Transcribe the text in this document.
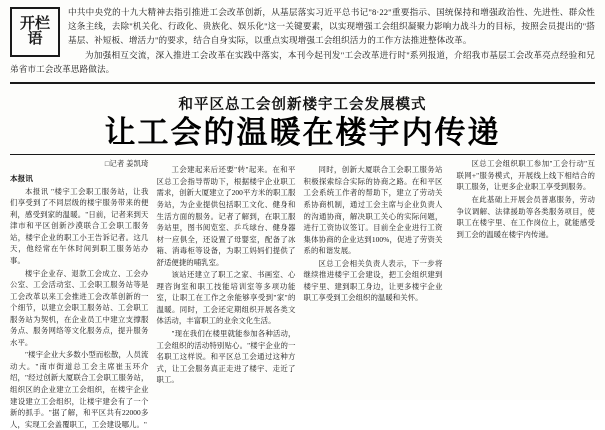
开栏
语

中共中央党的十九大精神去指引推进工会改革创新，从基层落实习近平总书记"8·22"重要指示、国统保持和增强政治性、先进性、群众性这条主线，去除"机关化、行政化、贵族化、娱乐化"这一关键要素，以实现增强工会组织凝聚力影响力战斗力的目标，按照会员提出的"搭基层、补短板、增活力"的要求，结合自身实际，以重点实现增强工会组织活力的工作方法推进整体改革。

为加强相互交流，深入推进工会改革在实践中落实，本刊今起刊发"工会改革进行时"系列报道，介绍我市基层工会改革亮点经验和兄弟省市工会改革思路做法。

和平区总工会创新楼宇工会发展模式
让工会的温暖在楼宇内传递
□记者 姜凯琦

本报讯

本报讯 "楼宇工会职工服务站，让我们享受到了不同层级的楼宇服务带来的便利，感受到家的温暖。"日前，记者来到天津市和平区创新沙漠联合工会职工服务站，楼宇企业的职工小王告诉记者。这几天，他经常在午休时间到职工服务站办事。

楼宇企业存、退款工会成立、工会办公室、工会活动室、工会职工服务站等是工会改革以来工会推进工会改革创新的一个细节，以建立会职工服务站、工会职工服务站为契机，在企业员工中建立支撑服务点、服务网络等文化服务点，提升服务水平。

"楼宇企业大多数小型而松散，人员流动大。"南市街道总工会主席崔玉环介绍，"经过创新大厦联合工会职工服务站，组织区的企业建立工会组织，在楼宇企业建设建立工会组织，让楼宇建会有了一个新的抓手。"据了解，和平区共有22000多人，实现工会盖覆职工，工会建设哪儿。"

工会建起来后还要"转"起来。在和平区总工会指导帮助下，根据楼宇企业职工需求，创新大厦建立了200平方米的职工服务站，为企业提供包括职工文化、健身和生活方面的服务。记者了解到，在职工服务站里，图书阅览室、乒乓球台、健身器材一应俱全，还设置了母婴室，配备了冰箱、消毒柜等设备，为职工妈妈们提供了舒适便捷的哺乳室。

该站还建立了职工之家、书画室、心理咨询室和职工技能培训室等多项功能室，让职工在工作之余能够享受到"家"的温暖。同时，工会还定期组织开展各类文体活动，丰富职工的业余文化生活。

"现在我们在楼里就能参加各种活动，工会组织的活动特别贴心。"楼宇企业的一名职工这样说。和平区总工会通过这种方式，让工会服务真正走进了楼宇、走近了职工。

同时，创新大厦联合工会职工服务站积极探索综合实际的协商之路。在和平区工会系统工作者的帮助下，建立了劳动关系协商机制，通过工会主席与企业负责人的沟通协商，解决职工关心的实际问题，进行工资协议签订。目前全企业进行工资集体协商的企业达到100%，促进了劳资关系的和谐发展。

区总工会相关负责人表示，下一步将继续推进楼宇工会建设，把工会组织建到楼宇里、建到职工身边，让更多楼宇企业职工享受到工会组织的温暖和关怀。

区总工会组织职工参加"工会行动"互联网+"服务模式，开展线上线下相结合的职工服务，让更多企业职工享受到服务。

在此基础上开展会员普惠服务，劳动争议调解、法律援助等各类服务项目，使职工在楼宇里、在工作岗位上，就能感受到工会的温暖在楼宇内传递。
